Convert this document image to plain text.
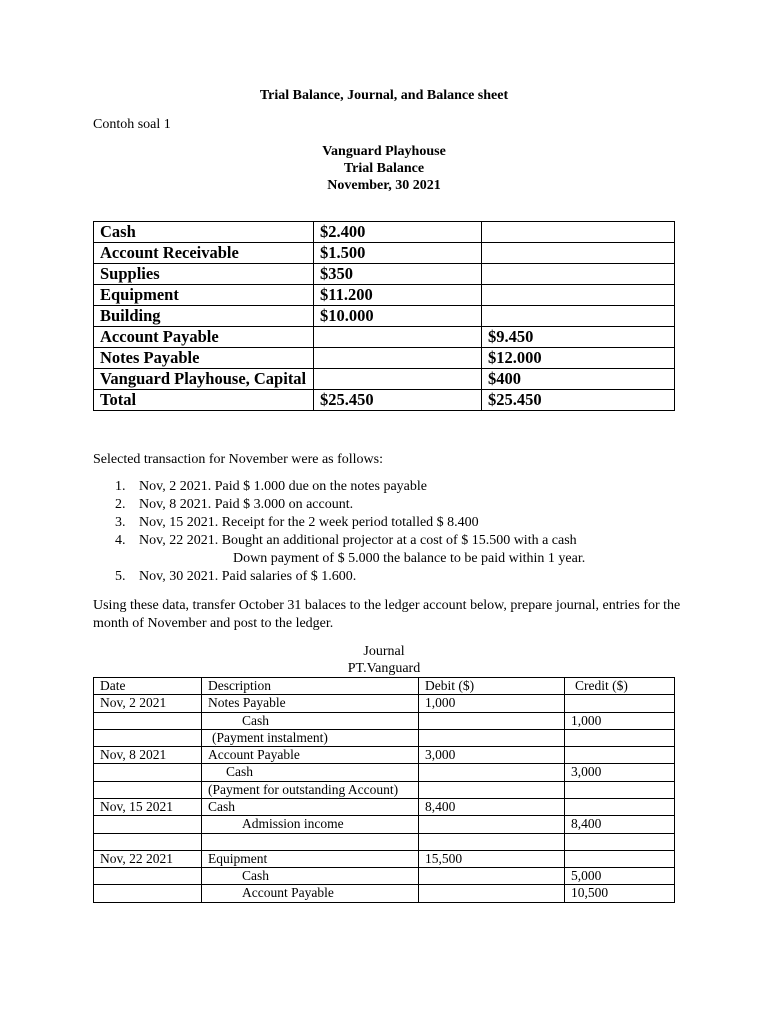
Trial Balance, Journal, and Balance sheet
Contoh soal 1
Vanguard Playhouse
Trial Balance
November, 30 2021
Cash	$2.400	
Account Receivable	$1.500	
Supplies	$350	
Equipment	$11.200	
Building	$10.000	
Account Payable		$9.450
Notes Payable		$12.000
Vanguard Playhouse, Capital		$400
Total	$25.450	$25.450
Selected transaction for November were as follows:
1. Nov, 2 2021. Paid $ 1.000 due on the notes payable
2. Nov, 8 2021. Paid $ 3.000 on account.
3. Nov, 15 2021. Receipt for the 2 week period totalled $ 8.400
4. Nov, 22 2021. Bought an additional projector at a cost of $ 15.500 with a cash
Down payment of $ 5.000 the balance to be paid within 1 year.
5. Nov, 30 2021. Paid salaries of $ 1.600.
Using these data, transfer October 31 balaces to the ledger account below, prepare journal, entries for the month of November and post to the ledger.
Journal
PT.Vanguard
Date	Description	Debit ($)	Credit ($)
Nov, 2 2021	Notes Payable	1,000	
	Cash		1,000
	(Payment instalment)		
Nov, 8 2021	Account Payable	3,000	
	Cash		3,000
	(Payment for outstanding Account)		
Nov, 15 2021	Cash	8,400	
	Admission income		8,400

Nov, 22 2021	Equipment	15,500	
	Cash		5,000
	Account Payable		10,500
